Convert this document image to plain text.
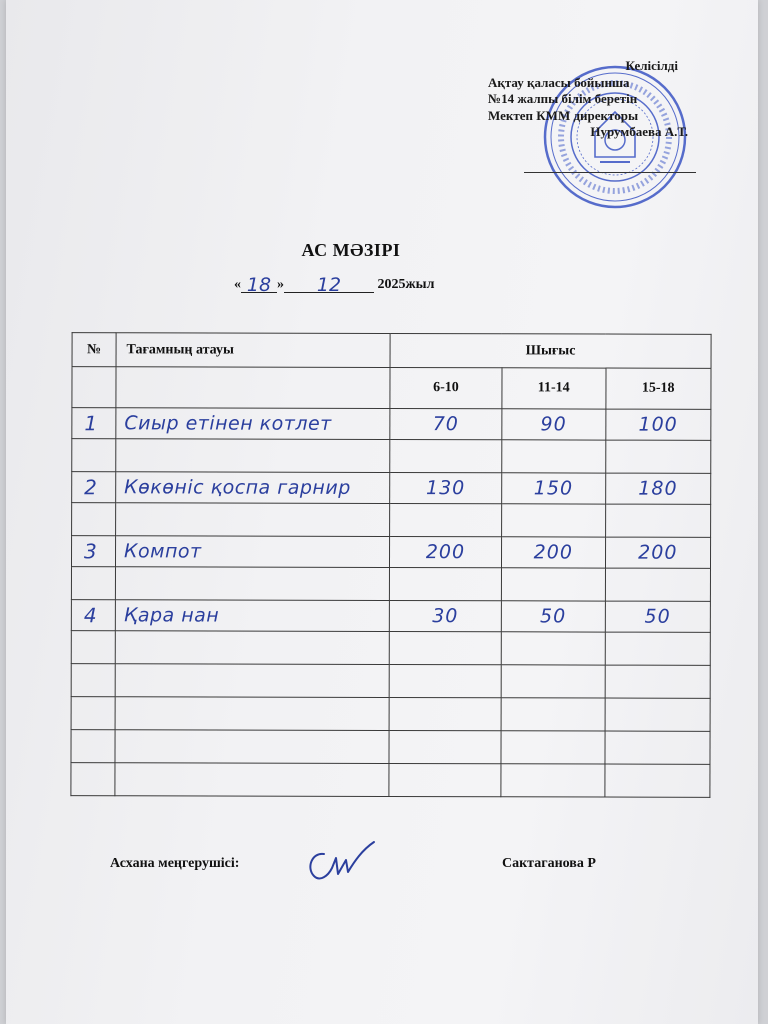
Келісілді
Ақтау қаласы бойынша
№14 жалпы білім беретін
Мектеп КММ директоры
Нурумбаева А.Т.
АС МӘЗІРІ
« 18 » 12	2025жыл
№	Тағамның атауы	Шығыс		
		6-10	11-14	15-18

1	Сиыр етінен котлет	70	90	100

2	Көкөніс қоспа гарнир	130	150	180

3	Компот	200	200	200

4	Қара нан	30	50	50

Асхана меңгерушісі:	Сактаганова Р
